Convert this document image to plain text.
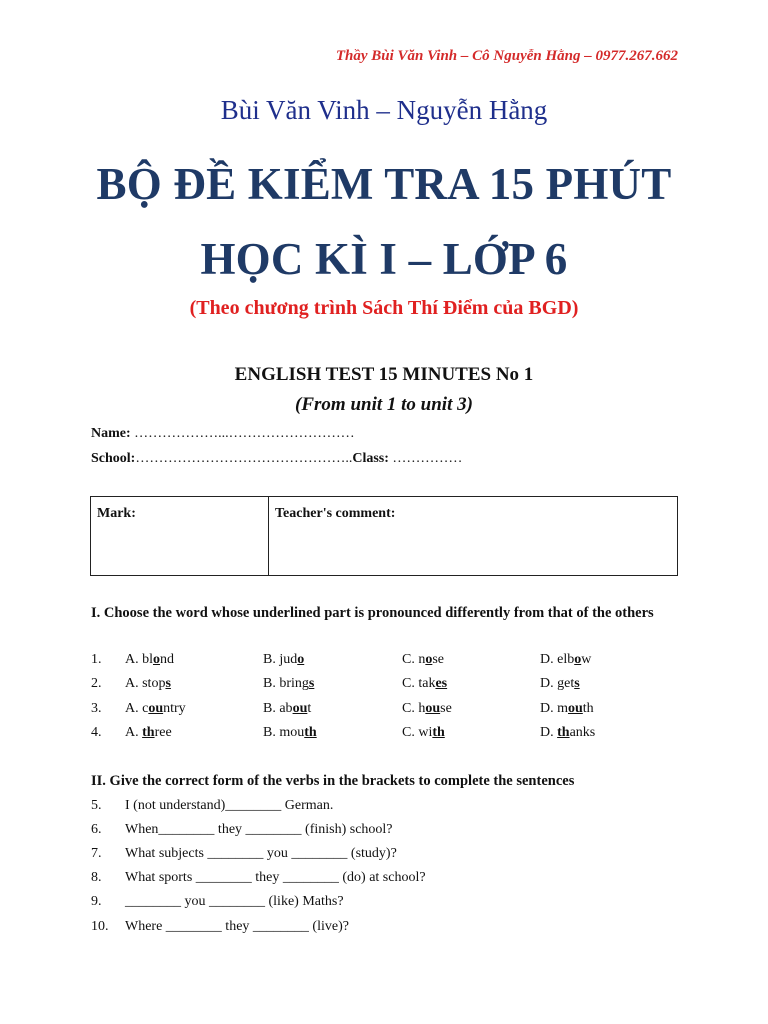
Thầy Bùi Văn Vinh – Cô Nguyễn Hằng – 0977.267.662
Bùi Văn Vinh – Nguyễn Hằng
BỘ ĐỀ KIỂM TRA 15 PHÚT
HỌC KÌ I – LỚP 6
(Theo chương trình Sách Thí Điểm của BGD)
ENGLISH TEST 15 MINUTES No 1
(From unit 1 to unit 3)
Name: ………………...………………………
School:………………………………………..Class: ……………
Mark:	Teacher's comment:
I. Choose the word whose underlined part is pronounced differently from that of the others
1. A. blond	B. judo	C. nose	D. elbow
2. A. stops	B. brings	C. takes	D. gets
3. A. country	B. about	C. house	D. mouth
4. A. three	B. mouth	C. with	D. thanks
II. Give the correct form of the verbs in the brackets to complete the sentences
5. I (not understand)________ German.
6. When________ they ________ (finish) school?
7. What subjects ________ you ________ (study)?
8. What sports ________ they ________ (do) at school?
9. ________ you ________ (like) Maths?
10. Where ________ they ________ (live)?
